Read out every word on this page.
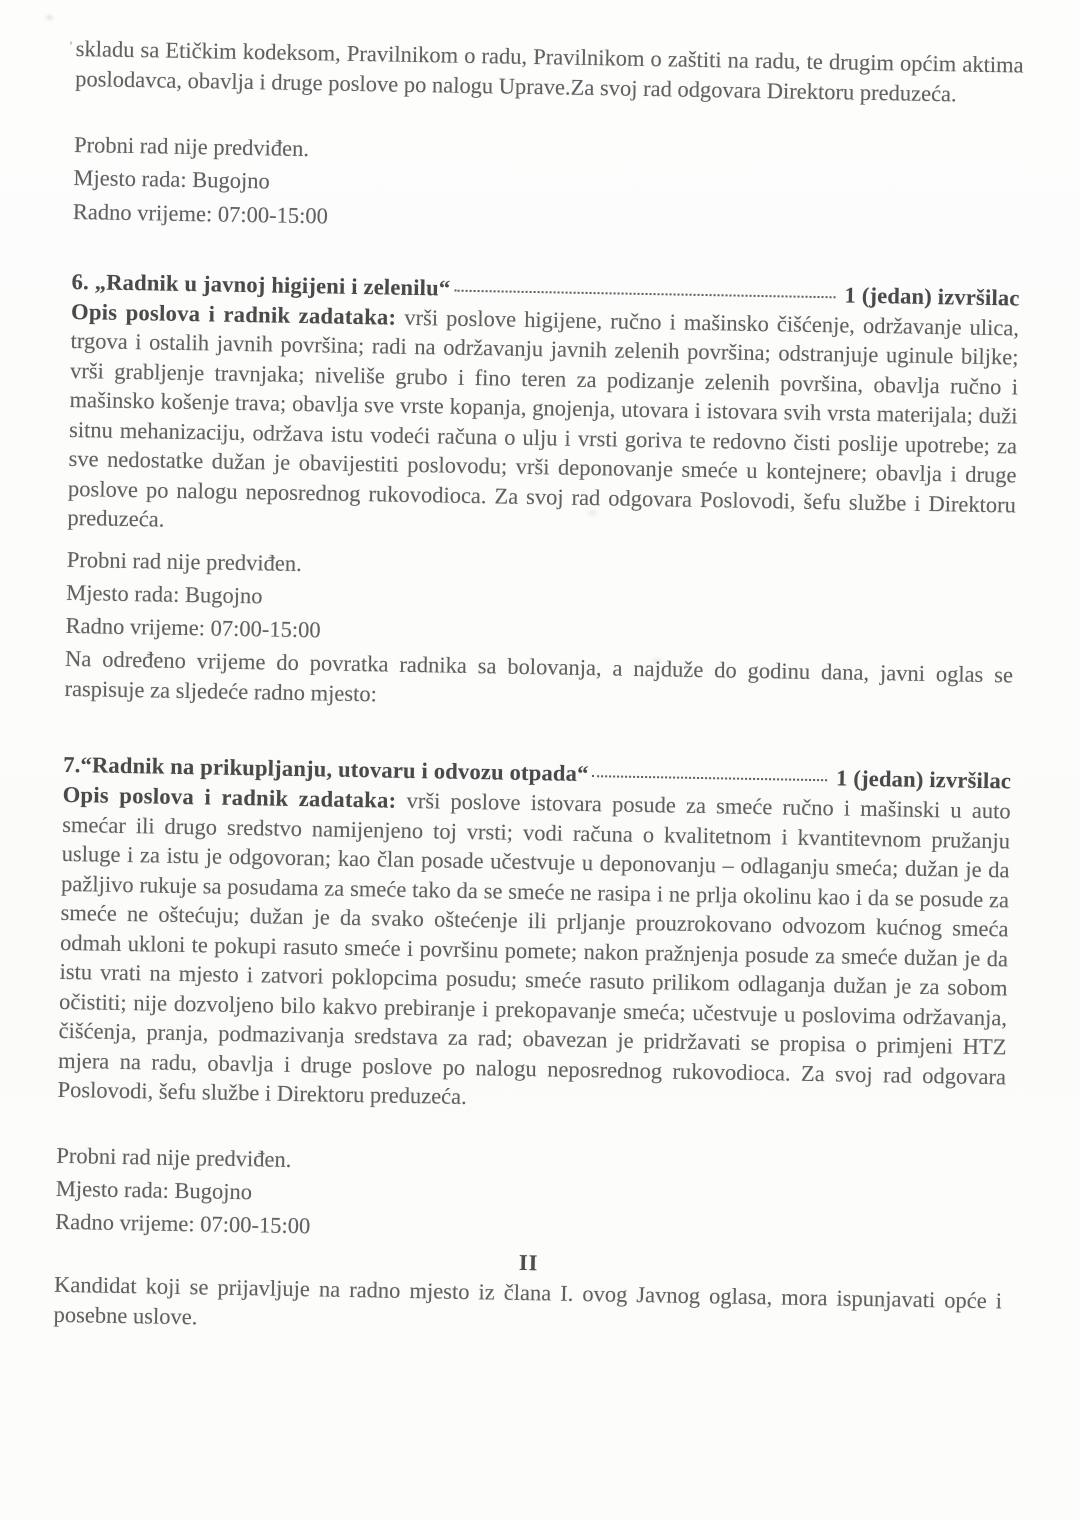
ˈ skladu sa Etičkim kodeksom, Pravilnikom o radu, Pravilnikom o zaštiti na radu, te drugim općim aktima poslodavca, obavlja i druge poslove po nalogu Uprave.Za svoj rad odgovara Direktoru preduzeća.

Probni rad nije predviđen.

Mjesto rada: Bugojno

Radno vrijeme: 07:00-15:00

6. „Radnik u javnoj higijeni i zelenilu“	1 (jedan) izvršilac

Opis poslova i radnik zadataka: vrši poslove higijene, ručno i mašinsko čišćenje, održavanje ulica, trgova i ostalih javnih površina; radi na održavanju javnih zelenih površina; odstranjuje uginule biljke; vrši grabljenje travnjaka; niveliše grubo i fino teren za podizanje zelenih površina, obavlja ručno i mašinsko košenje trava; obavlja sve vrste kopanja, gnojenja, utovara i istovara svih vrsta materijala; duži sitnu mehanizaciju, održava istu vodeći računa o ulju i vrsti goriva te redovno čisti poslije upotrebe; za sve nedostatke dužan je obavijestiti poslovodu; vrši deponovanje smeće u kontejnere; obavlja i druge poslove po nalogu neposrednog rukovodioca. Za svoj rad odgovara Poslovodi, šefu službe i Direktoru preduzeća.

Probni rad nije predviđen.

Mjesto rada: Bugojno

Radno vrijeme: 07:00-15:00

Na određeno vrijeme do povratka radnika sa bolovanja, a najduže do godinu dana, javni oglas se raspisuje za sljedeće radno mjesto:

7.“Radnik na prikupljanju, utovaru i odvozu otpada“	1 (jedan) izvršilac

Opis poslova i radnik zadataka: vrši poslove istovara posude za smeće ručno i mašinski u auto smećar ili drugo sredstvo namijenjeno toj vrsti; vodi računa o kvalitetnom i kvantitevnom pružanju usluge i za istu je odgovoran; kao član posade učestvuje u deponovanju – odlaganju smeća; dužan je da pažljivo rukuje sa posudama za smeće tako da se smeće ne rasipa i ne prlja okolinu kao i da se posude za smeće ne oštećuju; dužan je da svako oštećenje ili prljanje prouzrokovano odvozom kućnog smeća odmah ukloni te pokupi rasuto smeće i površinu pomete; nakon pražnjenja posude za smeće dužan je da istu vrati na mjesto i zatvori poklopcima posudu; smeće rasuto prilikom odlaganja dužan je za sobom očistiti; nije dozvoljeno bilo kakvo prebiranje i prekopavanje smeća; učestvuje u poslovima održavanja, čišćenja, pranja, podmazivanja sredstava za rad; obavezan je pridržavati se propisa o primjeni HTZ mjera na radu, obavlja i druge poslove po nalogu neposrednog rukovodioca. Za svoj rad odgovara Poslovodi, šefu službe i Direktoru preduzeća.

Probni rad nije predviđen.

Mjesto rada: Bugojno

Radno vrijeme: 07:00-15:00

II

Kandidat koji se prijavljuje na radno mjesto iz člana I. ovog Javnog oglasa, mora ispunjavati opće i posebne uslove.
